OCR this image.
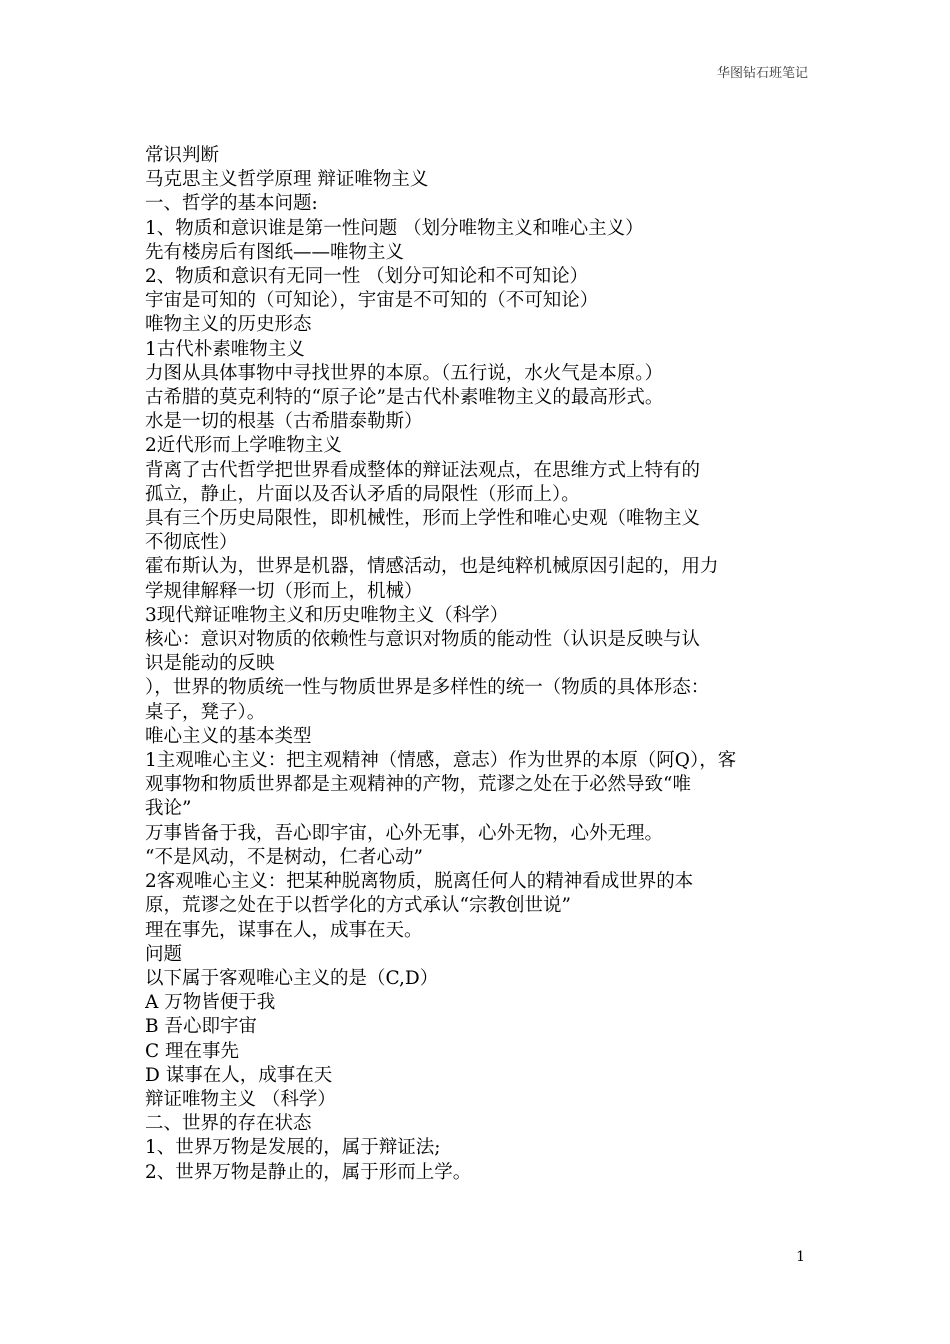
华图钻石班笔记
常识判断
马克思主义哲学原理 辩证唯物主义
一、哲学的基本问题:
1、物质和意识谁是第一性问题 （划分唯物主义和唯心主义）
先有楼房后有图纸——唯物主义
2、物质和意识有无同一性 （划分可知论和不可知论）
宇宙是可知的（可知论），宇宙是不可知的（不可知论）
唯物主义的历史形态
1古代朴素唯物主义
力图从具体事物中寻找世界的本原。（五行说，水火气是本原。）
古希腊的莫克利特的“原子论”是古代朴素唯物主义的最高形式。
水是一切的根基（古希腊泰勒斯）
2近代形而上学唯物主义
背离了古代哲学把世界看成整体的辩证法观点，在思维方式上特有的
孤立，静止，片面以及否认矛盾的局限性（形而上）。
具有三个历史局限性，即机械性，形而上学性和唯心史观（唯物主义
不彻底性）
霍布斯认为，世界是机器，情感活动，也是纯粹机械原因引起的，用力
学规律解释一切（形而上，机械）
3现代辩证唯物主义和历史唯物主义（科学）
核心：意识对物质的依赖性与意识对物质的能动性（认识是反映与认
识是能动的反映
），世界的物质统一性与物质世界是多样性的统一（物质的具体形态：
桌子，凳子）。
唯心主义的基本类型
1主观唯心主义：把主观精神（情感，意志）作为世界的本原（阿Q），客
观事物和物质世界都是主观精神的产物，荒谬之处在于必然导致“唯
我论”
万事皆备于我，吾心即宇宙，心外无事，心外无物，心外无理。
“不是风动，不是树动，仁者心动”
2客观唯心主义：把某种脱离物质，脱离任何人的精神看成世界的本
原，荒谬之处在于以哲学化的方式承认“宗教创世说”
理在事先，谋事在人，成事在天。
问题
以下属于客观唯心主义的是（C,D）
A 万物皆便于我
B 吾心即宇宙
C 理在事先
D 谋事在人，成事在天
辩证唯物主义 （科学）
二、世界的存在状态
1、世界万物是发展的，属于辩证法;
2、世界万物是静止的，属于形而上学。
1
